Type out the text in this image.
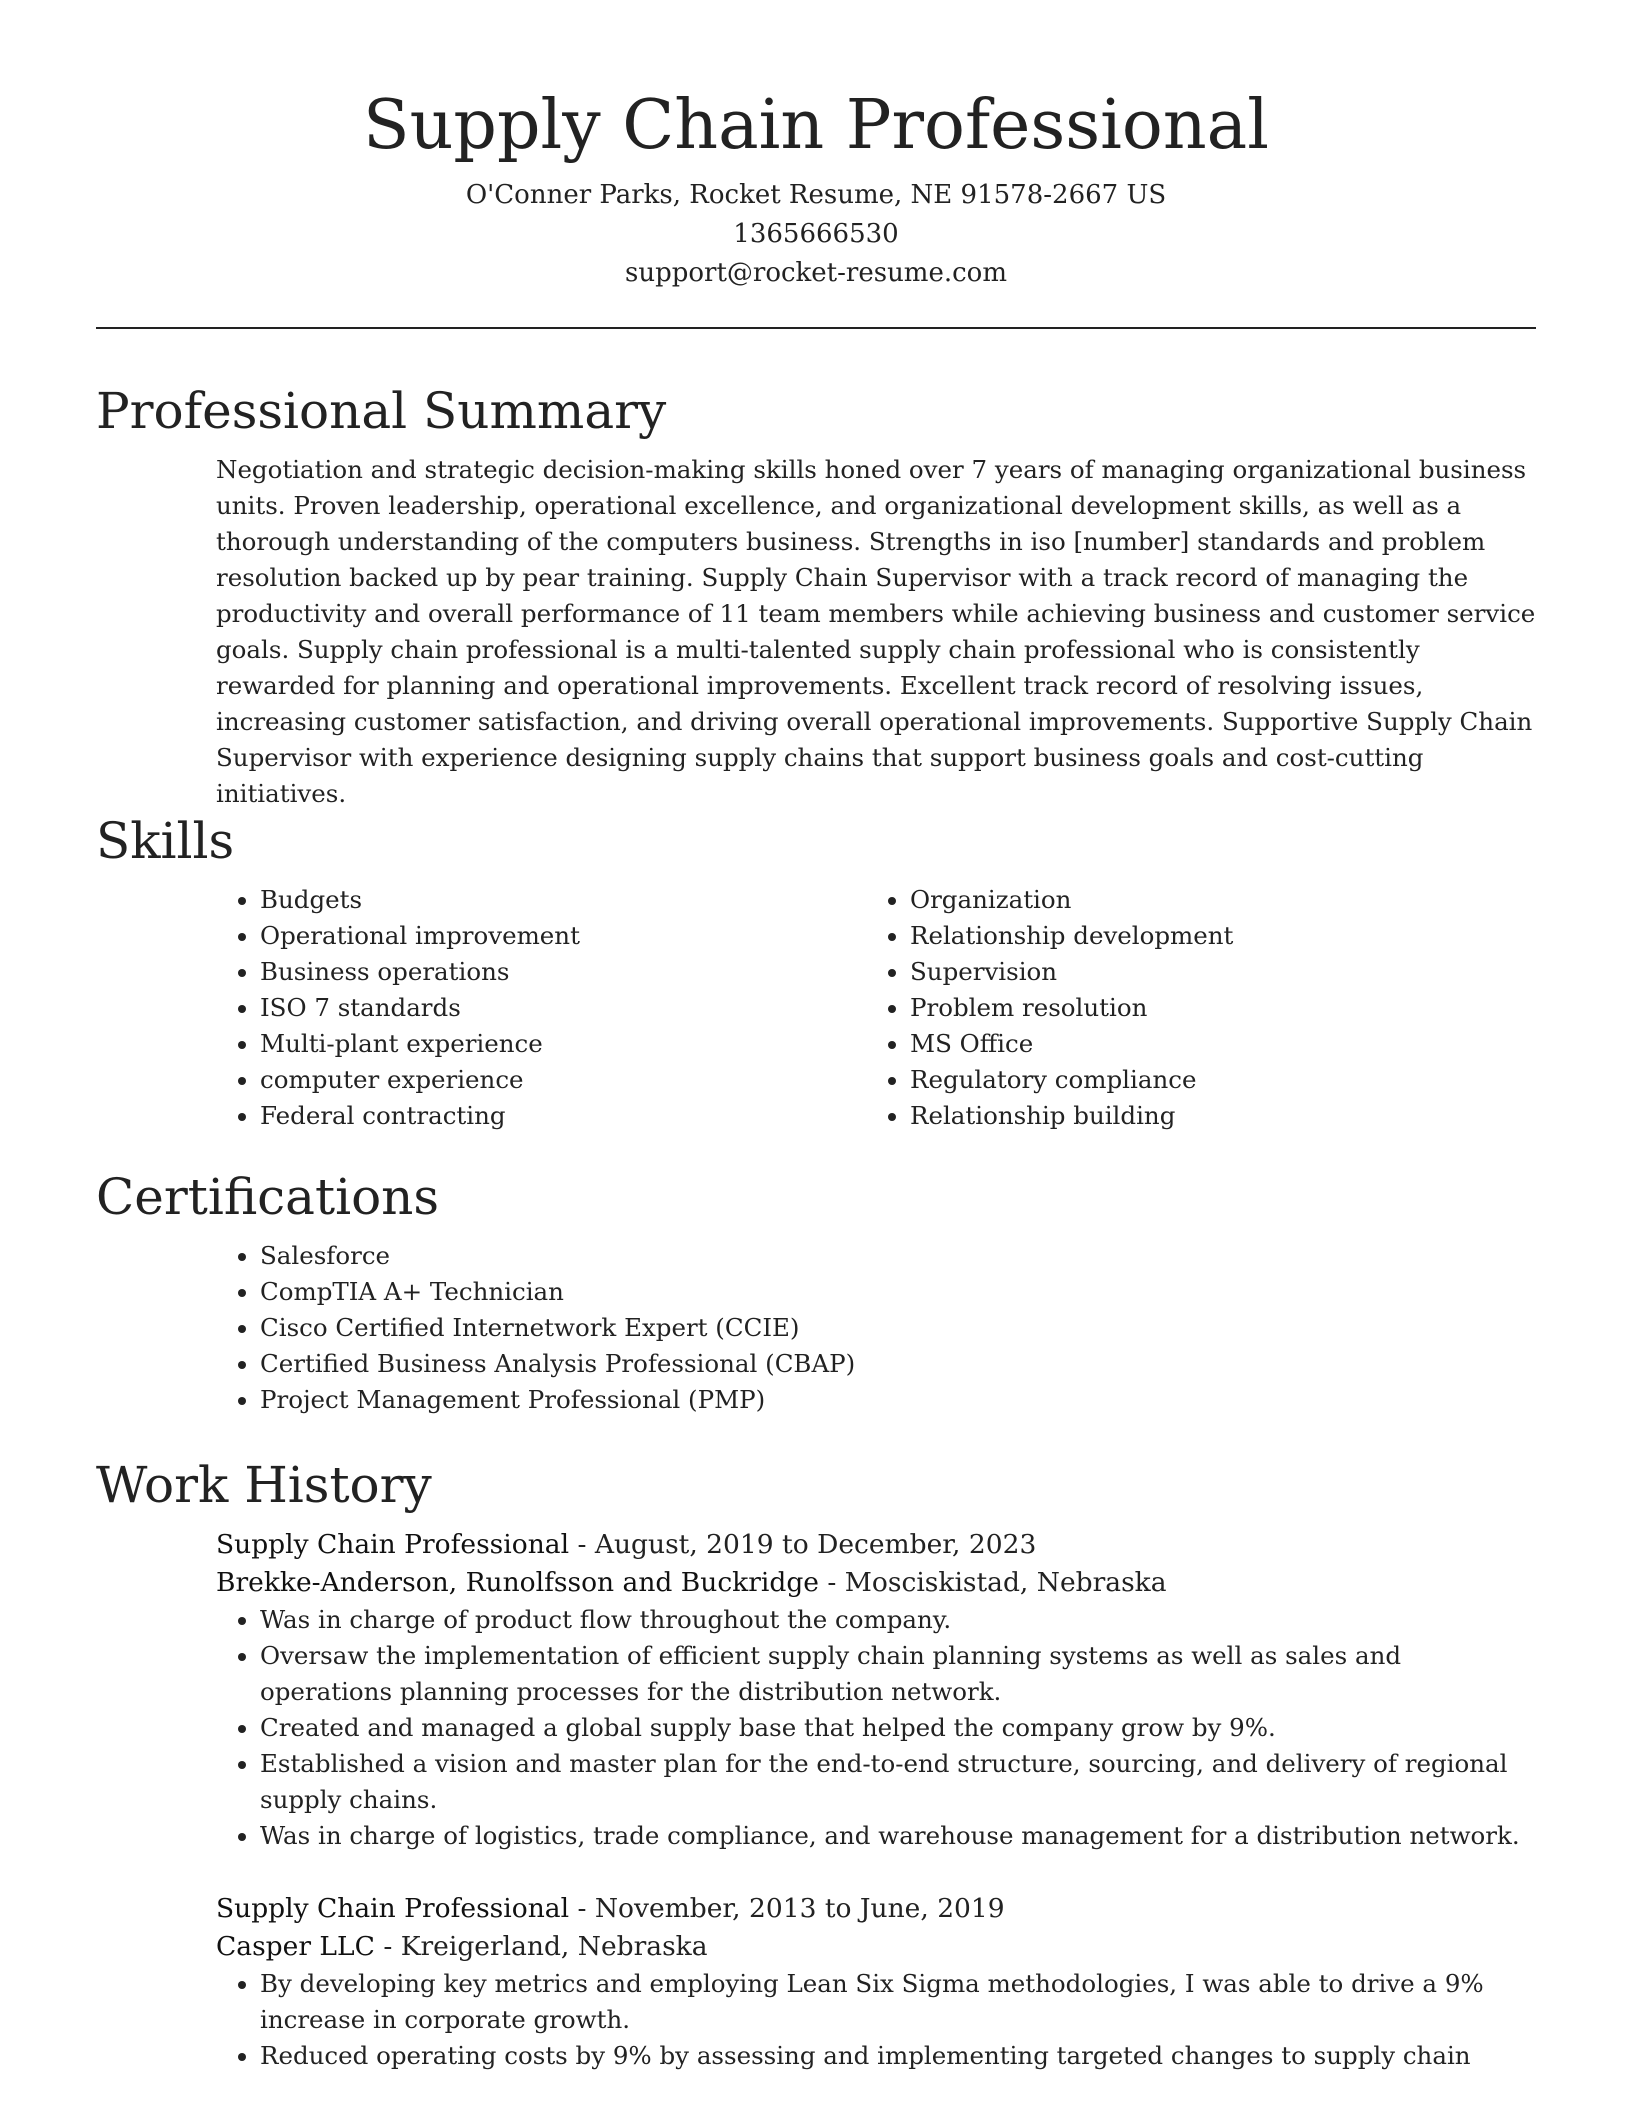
Supply Chain Professional
O'Conner Parks, Rocket Resume, NE 91578-2667 US
1365666530
support@rocket-resume.com
Professional Summary

Negotiation and strategic decision-making skills honed over 7 years of managing organizational business units. Proven leadership, operational excellence, and organizational development skills, as well as a thorough understanding of the computers business. Strengths in iso [number] standards and problem resolution backed up by pear training. Supply Chain Supervisor with a track record of managing the productivity and overall performance of 11 team members while achieving business and customer service goals. Supply chain professional is a multi-talented supply chain professional who is consistently rewarded for planning and operational improvements. Excellent track record of resolving issues, increasing customer satisfaction, and driving overall operational improvements. Supportive Supply Chain Supervisor with experience designing supply chains that support business goals and cost-cutting initiatives.

Skills
• Budgets
• Operational improvement
• Business operations
• ISO 7 standards
• Multi-plant experience
• computer experience
• Federal contracting
• Organization
• Relationship development
• Supervision
• Problem resolution
• MS Office
• Regulatory compliance
• Relationship building
Certifications
• Salesforce
• CompTIA A+ Technician
• Cisco Certified Internetwork Expert (CCIE)
• Certified Business Analysis Professional (CBAP)
• Project Management Professional (PMP)
Work History
Supply Chain Professional - August, 2019 to December, 2023
Brekke-Anderson, Runolfsson and Buckridge - Mosciskistad, Nebraska
• Was in charge of product flow throughout the company.
• Oversaw the implementation of efficient supply chain planning systems as well as sales and operations planning processes for the distribution network.
• Created and managed a global supply base that helped the company grow by 9%.
• Established a vision and master plan for the end-to-end structure, sourcing, and delivery of regional supply chains.
• Was in charge of logistics, trade compliance, and warehouse management for a distribution network.
Supply Chain Professional - November, 2013 to June, 2019
Casper LLC - Kreigerland, Nebraska
• By developing key metrics and employing Lean Six Sigma methodologies, I was able to drive a 9% increase in corporate growth.
• Reduced operating costs by 9% by assessing and implementing targeted changes to supply chain
